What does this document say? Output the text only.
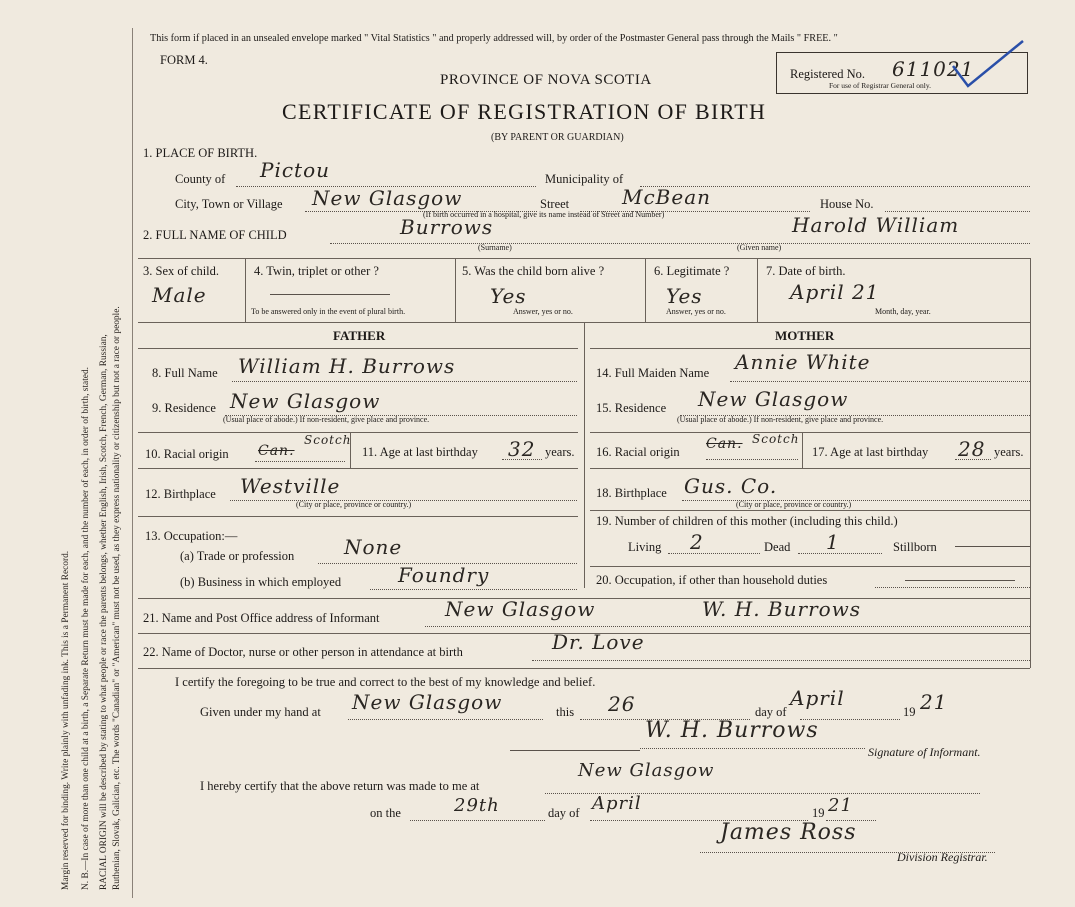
Margin reserved for binding. Write plainly with unfading ink. This is a Permanent Record. N. B.—In case of more than one child at a birth, a Separate Return must be made for each, and the number of each, in order of birth, stated. RACIAL ORIGIN will be described by stating to what people or race the parents belongs, whether English, Irish, Scotch, French, German, Russian, Ruthenian, Slovak, Galician, etc. The words "Canadian" or "American" must not be used, as they express nationality or citizenship but not a race or people.
This form if placed in an unsealed envelope marked " Vital Statistics " and properly addressed will, by order of the Postmaster General pass through the Mails " FREE. "
FORM 4.
PROVINCE OF NOVA SCOTIA
CERTIFICATE OF REGISTRATION OF BIRTH
(BY PARENT OR GUARDIAN)
Registered No. 611021
For use of Registrar General only.
1. PLACE OF BIRTH.
County of Pictou	Municipality of
City, Town or Village New Glasgow	Street	McBean	House No.
(If birth occurred in a hospital, give its name instead of Street and Number)
2. FULL NAME OF CHILD	Burrows
(Surname)
Harold William
(Given name)
3. Sex of child.
Male
4. Twin, triplet or other ?
To be answered only in the event of plural birth.
5. Was the child born alive ?
Yes
Answer, yes or no.
6. Legitimate ?
Yes
Answer, yes or no.
7. Date of birth.
April 21
Month, day, year.
FATHER
8. Full Name William H. Burrows
9. Residence New Glasgow
(Usual place of abode.) If non-resident, give place and province.
10. Racial origin Can.
Scotch
11. Age at last birthday 32 years.
12. Birthplace Westville
(City or place, province or country.)
13. Occupation:—
(a) Trade or profession None
(b) Business in which employed	Foundry
MOTHER
14. Full Maiden Name Annie White
15. Residence New Glasgow
(Usual place of abode.) If non-resident, give place and province.
16. Racial origin Can. Scotch
17. Age at last birthday 28 years.
18. Birthplace Gus. Co.
(City or place, province or country.)
19. Number of children of this mother (including this child.)
Living 2	Dead 1	Stillborn
20. Occupation, if other than household duties
21. Name and Post Office address of Informant	New Glasgow	W. H. Burrows
22. Name of Doctor, nurse or other person in attendance at birth	Dr. Love
I certify the foregoing to be true and correct to the best of my knowledge and belief.
Given under my hand at New Glasgow	this 26	day of
April
19 21
W. H. Burrows
Signature of Informant.
I hereby certify that the above return was made to me at
New Glasgow
on the	29th	day of April	19 21
James Ross
Division Registrar.
